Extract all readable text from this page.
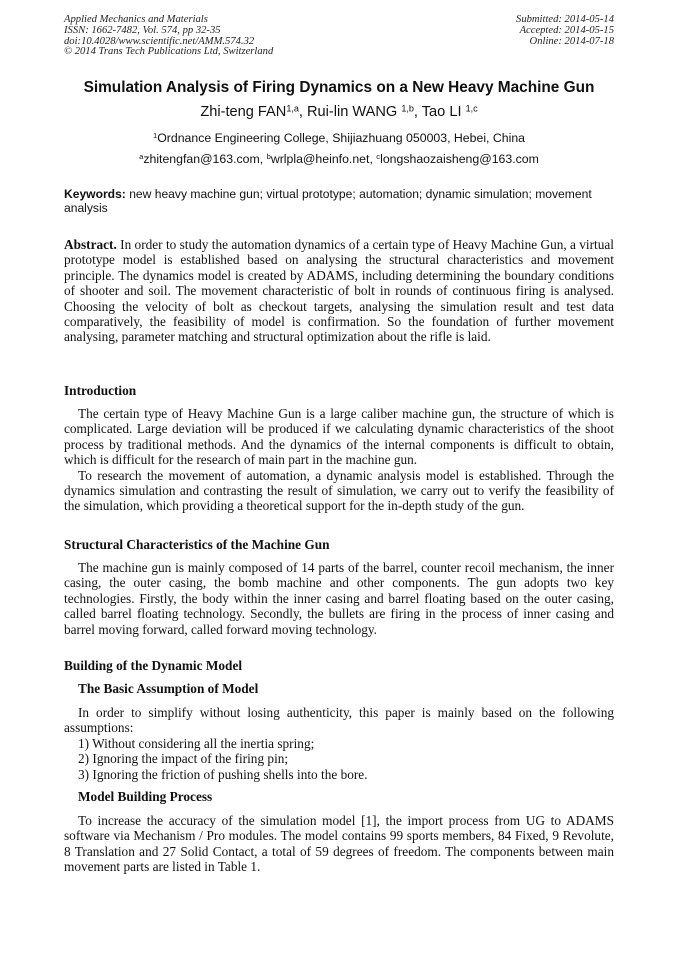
Applied Mechanics and Materials
ISSN: 1662-7482, Vol. 574, pp 32-35
doi:10.4028/www.scientific.net/AMM.574.32
© 2014 Trans Tech Publications Ltd, Switzerland
Submitted: 2014-05-14
Accepted: 2014-05-15
Online: 2014-07-18
Simulation Analysis of Firing Dynamics on a New Heavy Machine Gun
Zhi-teng FAN$^{1,a}$, Rui-lin WANG $^{1,b}$, Tao LI $^{1,c}$
$^1$Ordnance Engineering College, Shijiazhuang 050003, Hebei, China
$^a$zhitengfan@163.com, $^b$wrlpla@heinfo.net, $^c$longshaozaisheng@163.com
Keywords: new heavy machine gun; virtual prototype; automation; dynamic simulation; movement analysis
Abstract. In order to study the automation dynamics of a certain type of Heavy Machine Gun, a virtual prototype model is established based on analysing the structural characteristics and movement principle. The dynamics model is created by ADAMS, including determining the boundary conditions of shooter and soil. The movement characteristic of bolt in rounds of continuous firing is analysed. Choosing the velocity of bolt as checkout targets, analysing the simulation result and test data comparatively, the feasibility of model is confirmation. So the foundation of further movement analysing, parameter matching and structural optimization about the rifle is laid.
Introduction

The certain type of Heavy Machine Gun is a large caliber machine gun, the structure of which is complicated. Large deviation will be produced if we calculating dynamic characteristics of the shoot process by traditional methods. And the dynamics of the internal components is difficult to obtain, which is difficult for the research of main part in the machine gun.

To research the movement of automation, a dynamic analysis model is established. Through the dynamics simulation and contrasting the result of simulation, we carry out to verify the feasibility of the simulation, which providing a theoretical support for the in-depth study of the gun.

Structural Characteristics of the Machine Gun

The machine gun is mainly composed of 14 parts of the barrel, counter recoil mechanism, the inner casing, the outer casing, the bomb machine and other components. The gun adopts two key technologies. Firstly, the body within the inner casing and barrel floating based on the outer casing, called barrel floating technology. Secondly, the bullets are firing in the process of inner casing and barrel moving forward, called forward moving technology.

Building of the Dynamic Model
The Basic Assumption of Model

In order to simplify without losing authenticity, this paper is mainly based on the following assumptions:

1) Without considering all the inertia spring;

2) Ignoring the impact of the firing pin;

3) Ignoring the friction of pushing shells into the bore.

Model Building Process

To increase the accuracy of the simulation model [1], the import process from UG to ADAMS software via Mechanism / Pro modules. The model contains 99 sports members, 84 Fixed, 9 Revolute, 8 Translation and 27 Solid Contact, a total of 59 degrees of freedom. The components between main movement parts are listed in Table 1.
